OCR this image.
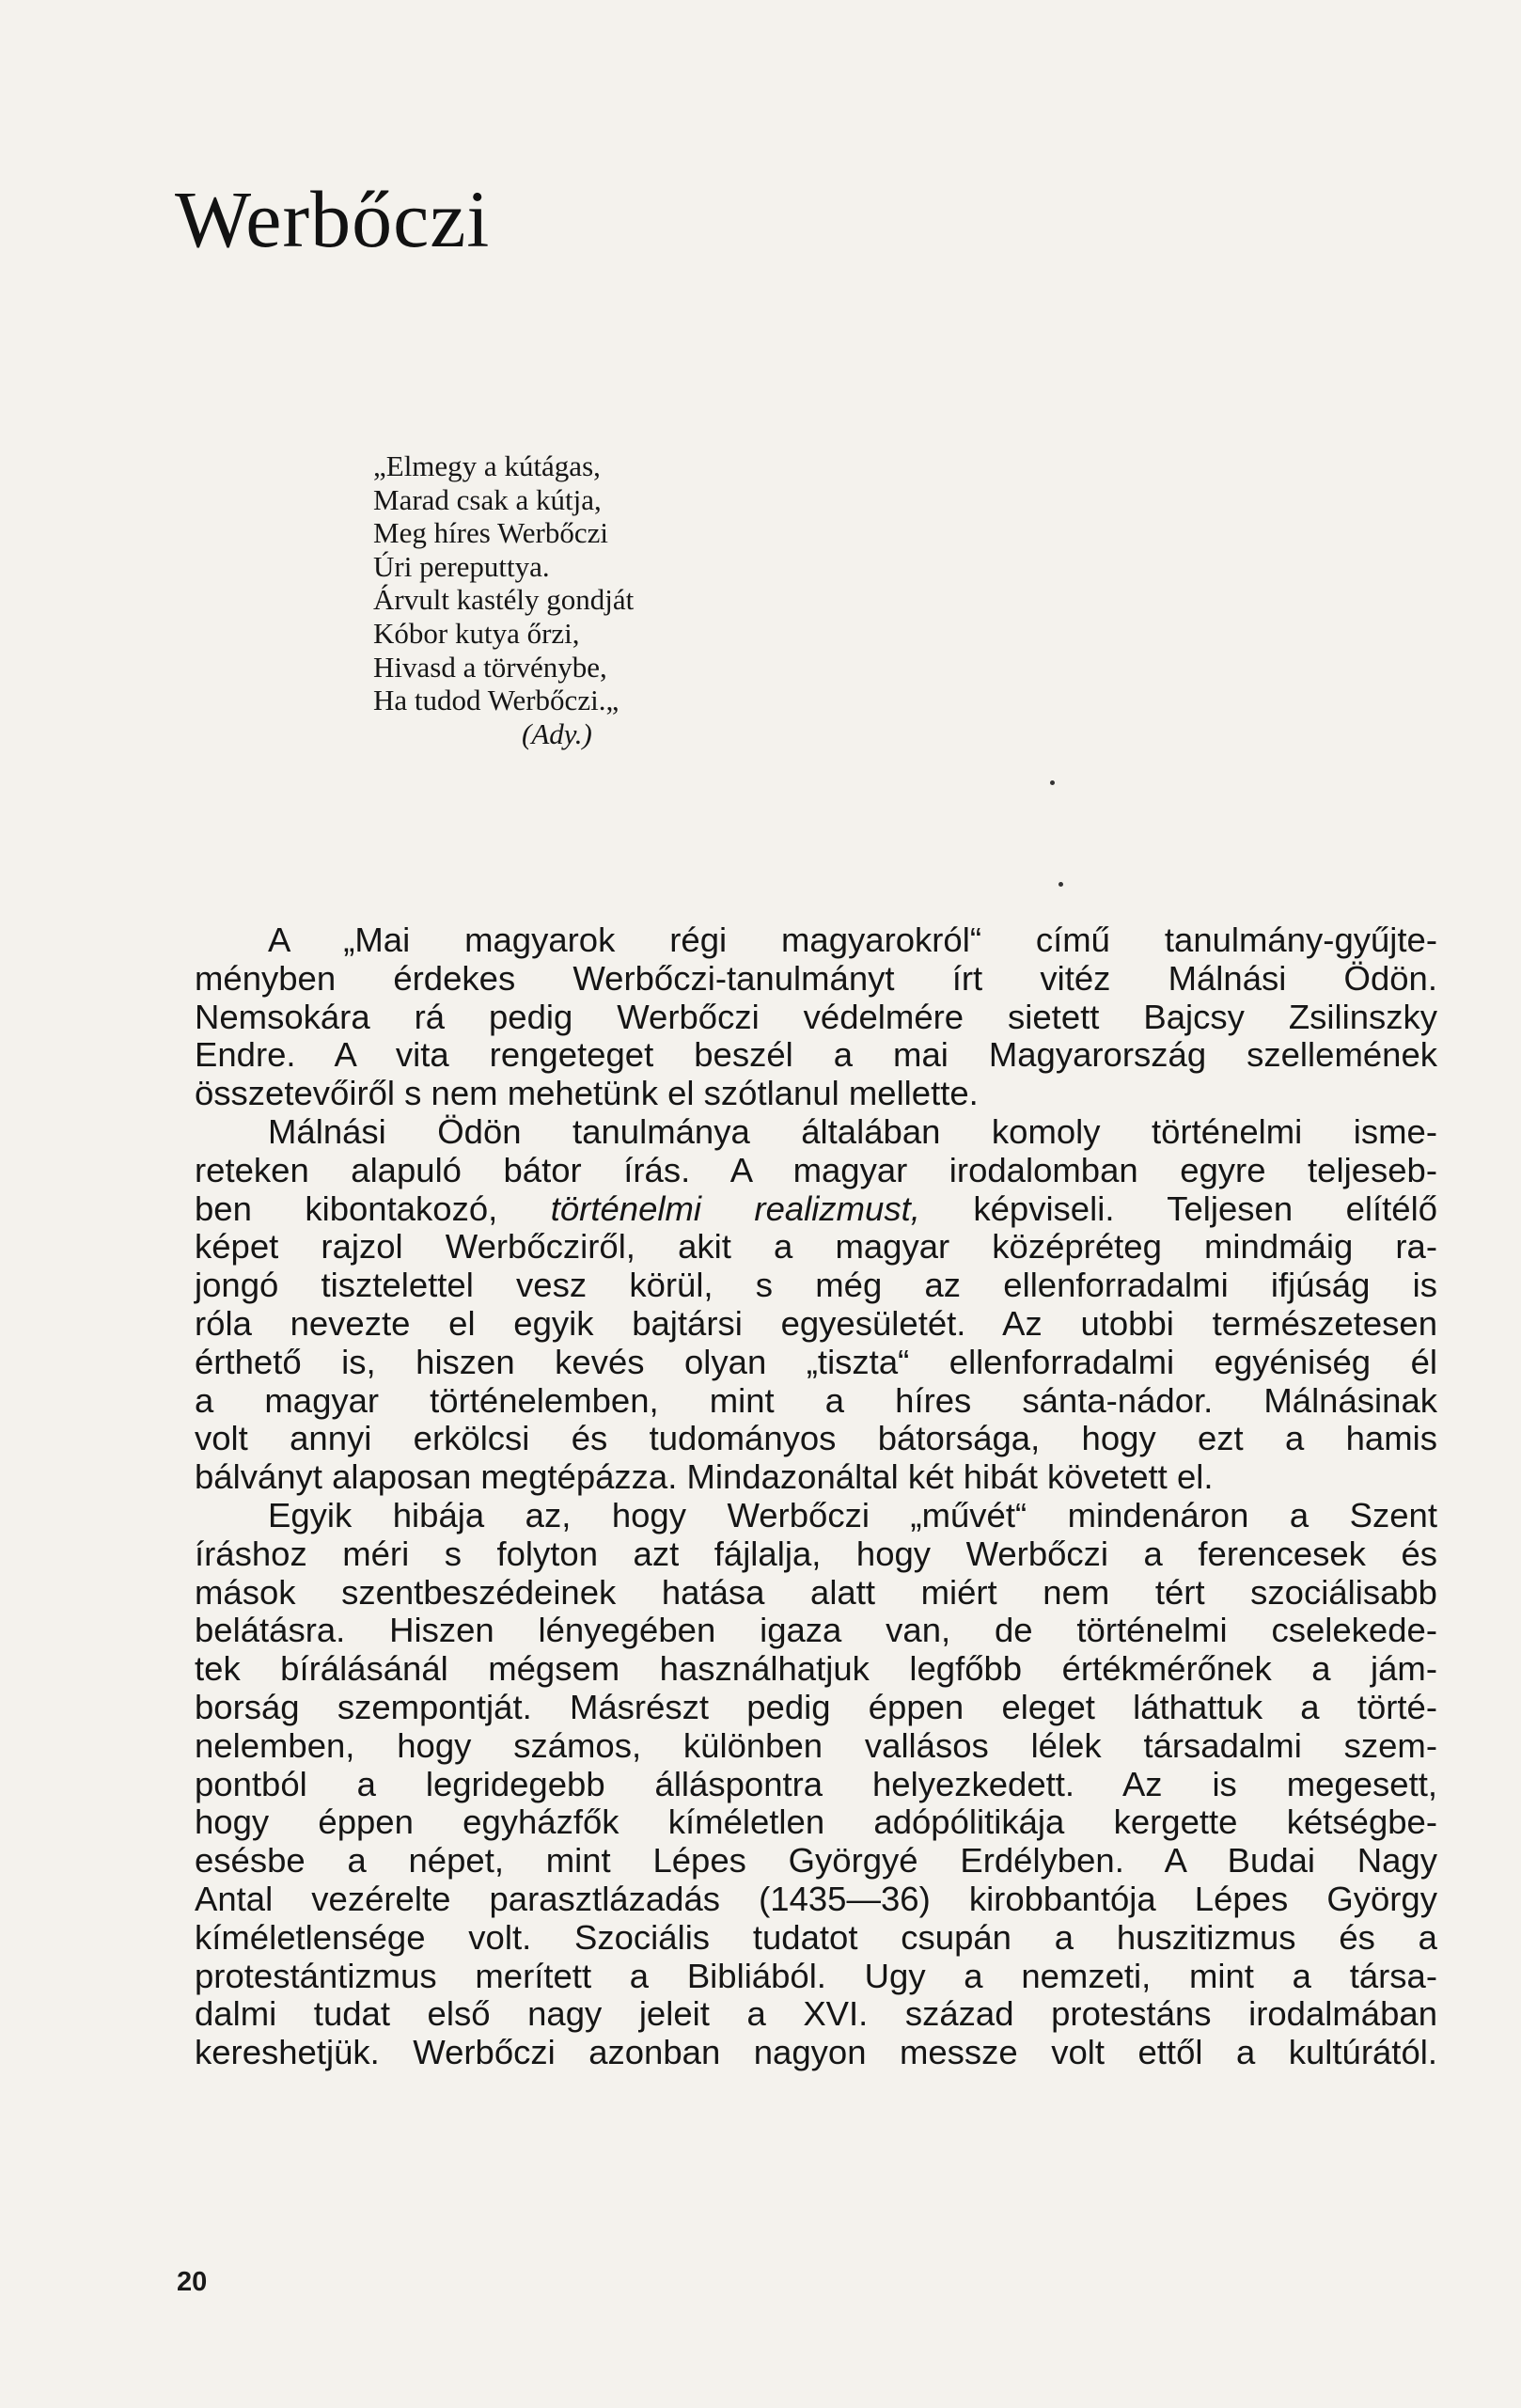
Werbőczi
„Elmegy a kútágas,
Marad csak a kútja,
Meg híres Werbőczi
Úri pereputtya.
Árvult kastély gondját
Kóbor kutya őrzi,
Hivasd a törvénybe,
Ha tudod Werbőczi.„
(Ady.)

A „Mai magyarok régi magyarokról“ című tanulmány-gyűjte-
ményben érdekes Werbőczi-tanulmányt írt vitéz Málnási Ödön.
Nemsokára rá pedig Werbőczi védelmére sietett Bajcsy Zsilinszky
Endre. A vita rengeteget beszél a mai Magyarország szellemének
összetevőiről s nem mehetünk el szótlanul mellette.

Málnási Ödön tanulmánya általában komoly történelmi isme-
reteken alapuló bátor írás. A magyar irodalomban egyre teljeseb-
ben kibontakozó, történelmi realizmust, képviseli. Teljesen elítélő
képet rajzol Werbőcziről, akit a magyar középréteg mindmáig ra-
jongó tisztelettel vesz körül, s még az ellenforradalmi ifjúság is
róla nevezte el egyik bajtársi egyesületét. Az utobbi természetesen
érthető is, hiszen kevés olyan „tiszta“ ellenforradalmi egyéniség él
a magyar történelemben, mint a híres sánta-nádor. Málnásinak
volt annyi erkölcsi és tudományos bátorsága, hogy ezt a hamis
bálványt alaposan megtépázza. Mindazonáltal két hibát követett el.

Egyik hibája az, hogy Werbőczi „művét“ mindenáron a Szent
íráshoz méri s folyton azt fájlalja, hogy Werbőczi a ferencesek és
mások szentbeszédeinek hatása alatt miért nem tért szociálisabb
belátásra. Hiszen lényegében igaza van, de történelmi cselekede-
tek bírálásánál mégsem használhatjuk legfőbb értékmérőnek a jám-
borság szempontját. Másrészt pedig éppen eleget láthattuk a törté-
nelemben, hogy számos, különben vallásos lélek társadalmi szem-
pontból a legridegebb álláspontra helyezkedett. Az is megesett,
hogy éppen egyházfők kíméletlen adópólitikája kergette kétségbe-
esésbe a népet, mint Lépes Györgyé Erdélyben. A Budai Nagy
Antal vezérelte parasztlázadás (1435—36) kirobbantója Lépes György
kíméletlensége volt. Szociális tudatot csupán a huszitizmus és a
protestántizmus merített a Bibliából. Ugy a nemzeti, mint a társa-
dalmi tudat első nagy jeleit a XVI. század protestáns irodalmában
kereshetjük. Werbőczi azonban nagyon messze volt ettől a kultúrától.

20
